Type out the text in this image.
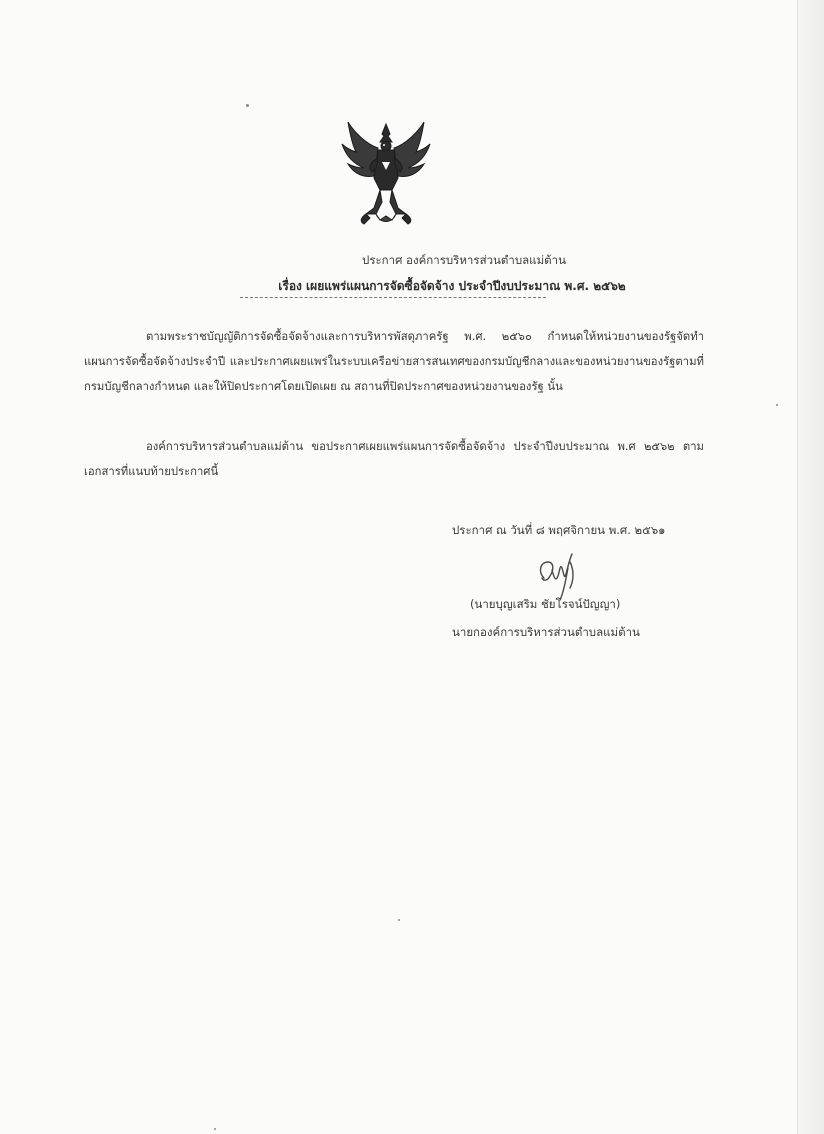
ประกาศ องค์การบริหารส่วนตำบลแม่ต้าน
เรื่อง เผยแพร่แผนการจัดซื้อจัดจ้าง ประจำปีงบประมาณ พ.ศ. ๒๕๖๒
ตามพระราชบัญญัติการจัดซื้อจัดจ้างและการบริหารพัสดุภาครัฐ พ.ศ. ๒๕๖๐ กำหนดให้หน่วยงานของรัฐจัดทำแผนการจัดซื้อจัดจ้างประจำปี และประกาศเผยแพร่ในระบบเครือข่ายสารสนเทศของกรมบัญชีกลางและของหน่วยงานของรัฐตามที่กรมบัญชีกลางกำหนด และให้ปิดประกาศโดยเปิดเผย ณ สถานที่ปิดประกาศของหน่วยงานของรัฐ นั้น
องค์การบริหารส่วนตำบลแม่ต้าน ขอประกาศเผยแพร่แผนการจัดซื้อจัดจ้าง ประจำปีงบประมาณ พ.ศ ๒๕๖๒ ตามเอกสารที่แนบท้ายประกาศนี้
ประกาศ ณ วันที่ ๘ พฤศจิกายน พ.ศ. ๒๕๖๑
(นายบุญเสริม ชัยโรจน์ปัญญา)
นายกองค์การบริหารส่วนตำบลแม่ต้าน
